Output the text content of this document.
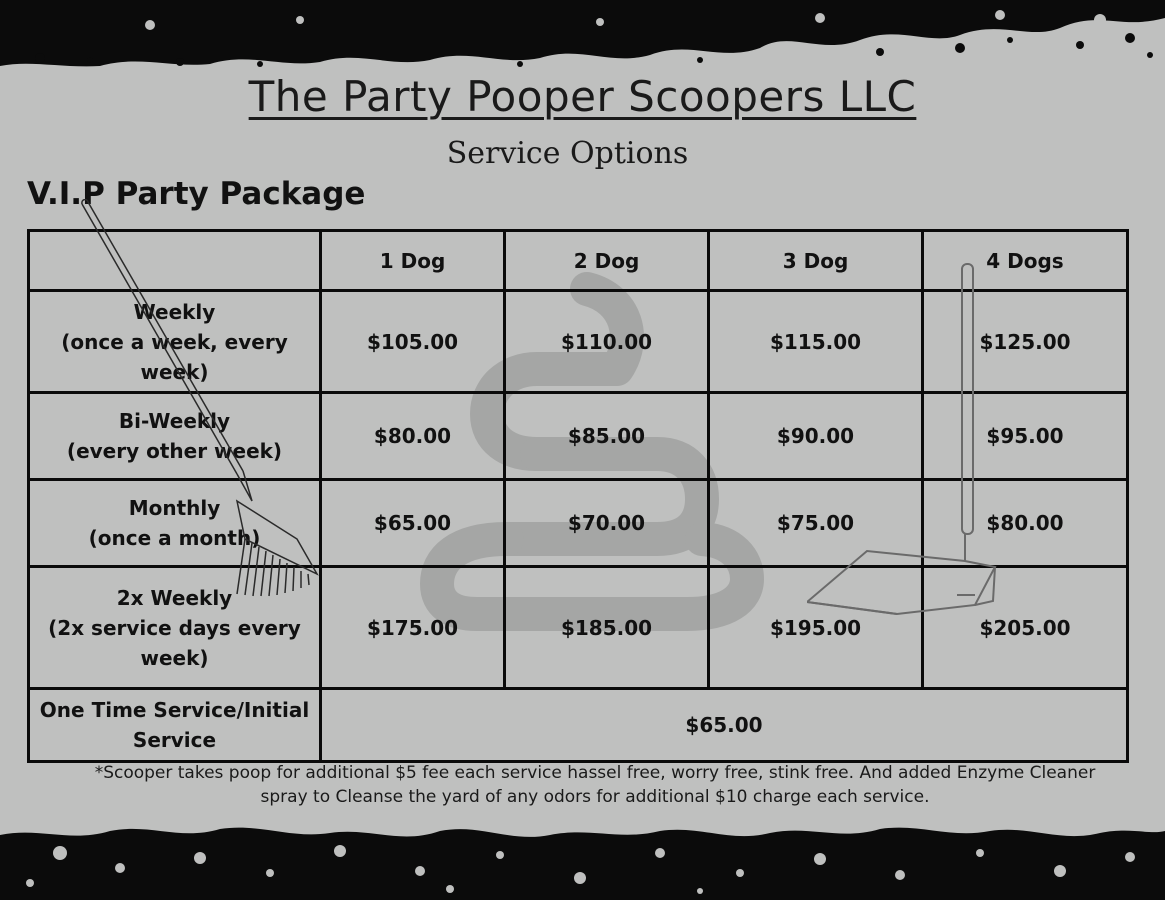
The Party Pooper Scoopers LLC
Service Options
V.I.P Party Package
	1 Dog	2 Dog	3 Dog	4 Dogs

Weekly
(once a week, every week)	$105.00	$110.00	$115.00	$125.00

Bi-Weekly
(every other week)	$80.00	$85.00	$90.00	$95.00

Monthly
(once a month)	$65.00	$70.00	$75.00	$80.00

2x Weekly
(2x service days every week)	$175.00	$185.00	$195.00	$205.00
One Time Service/Initial Service	$65.00			
*Scooper takes poop for additional $5 fee each service hassel free, worry free, stink free. And added Enzyme Cleaner spray to Cleanse the yard of any odors for additional $10 charge each service.
